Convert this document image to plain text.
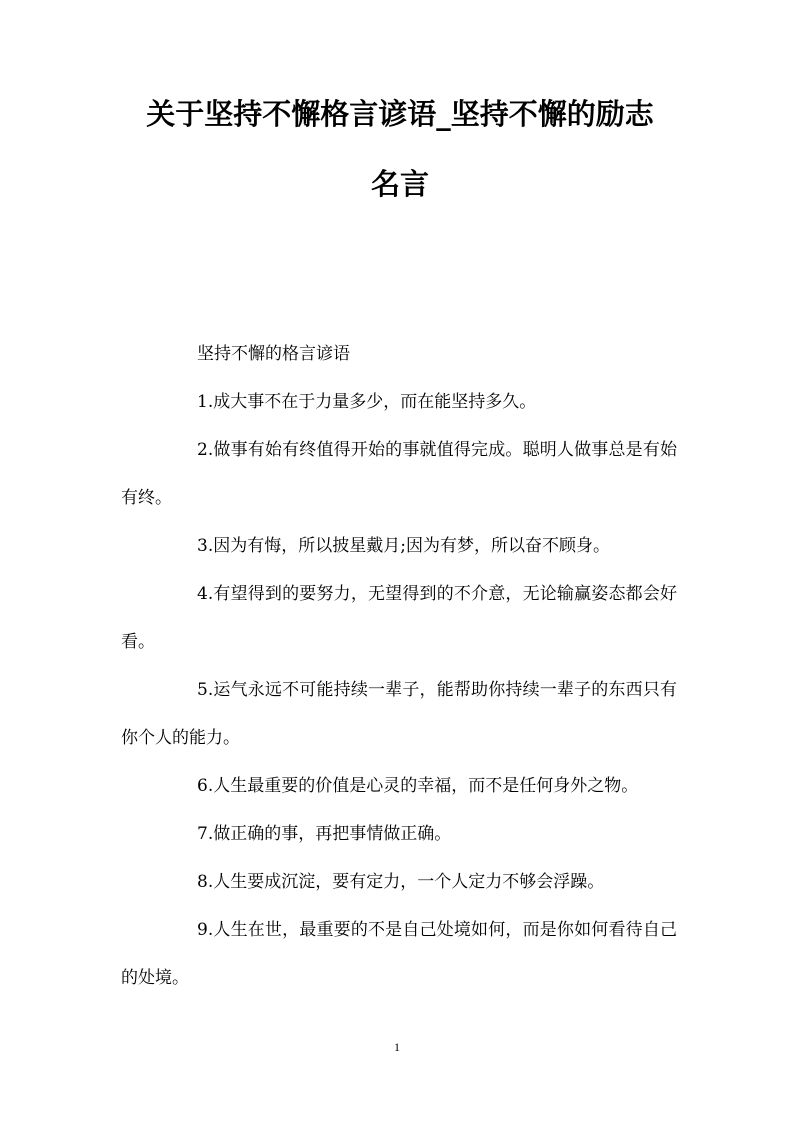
关于坚持不懈格言谚语_坚持不懈的励志
名言

坚持不懈的格言谚语

1.成大事不在于力量多少，而在能坚持多久。

2.做事有始有终值得开始的事就值得完成。聪明人做事总是有始有终。

3.因为有悔，所以披星戴月;因为有梦，所以奋不顾身。

4.有望得到的要努力，无望得到的不介意，无论输赢姿态都会好看。

5.运气永远不可能持续一辈子，能帮助你持续一辈子的东西只有你个人的能力。

6.人生最重要的价值是心灵的幸福，而不是任何身外之物。

7.做正确的事，再把事情做正确。

8.人生要成沉淀，要有定力，一个人定力不够会浮躁。

9.人生在世，最重要的不是自己处境如何，而是你如何看待自己的处境。

1
